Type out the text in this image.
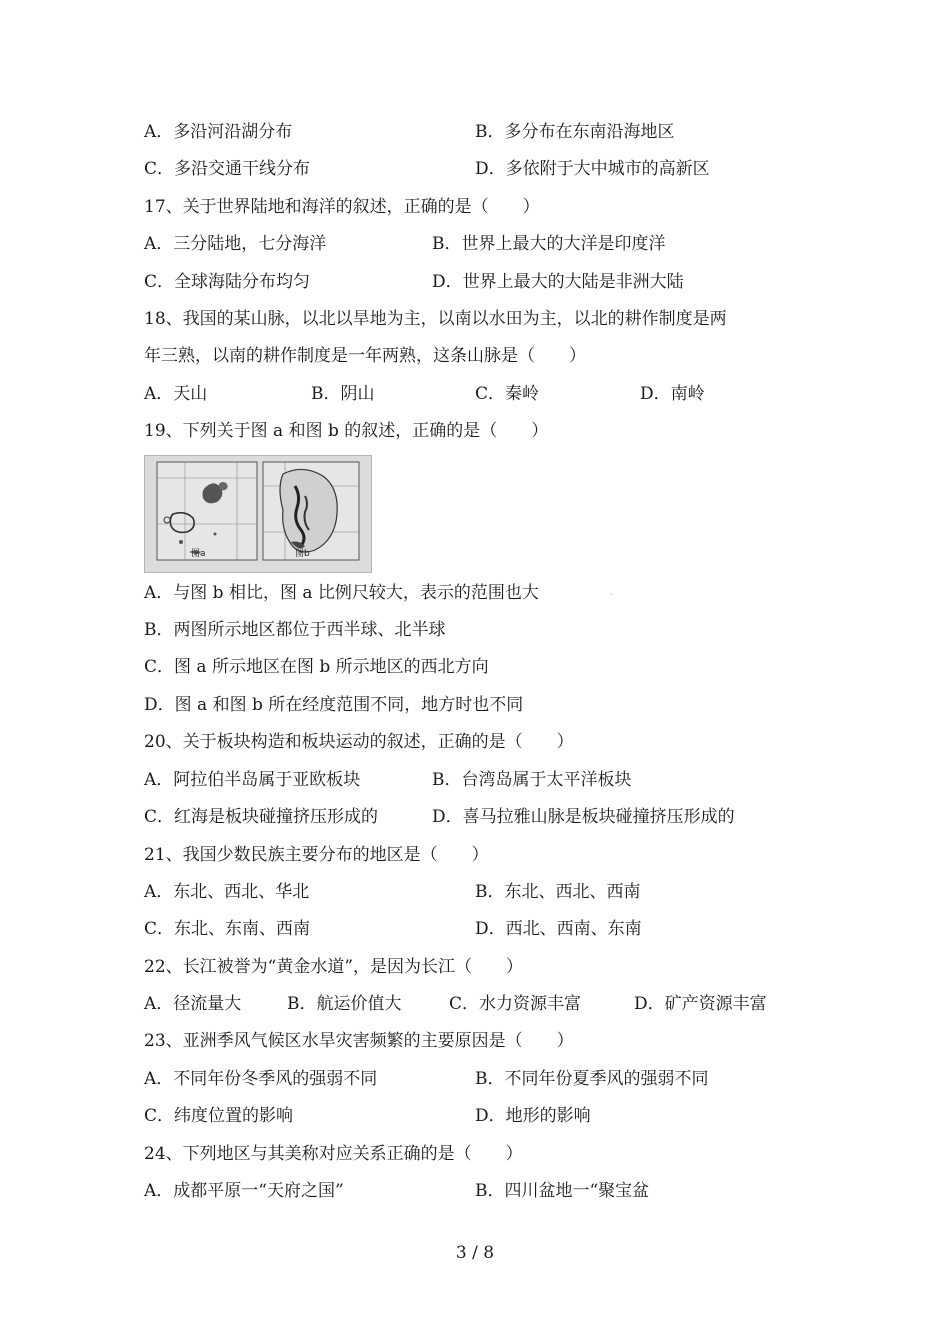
A．多沿河沿湖分布	B．多分布在东南沿海地区
C．多沿交通干线分布	D．多依附于大中城市的高新区
17、关于世界陆地和海洋的叙述，正确的是（　　）
A．三分陆地，七分海洋	B．世界上最大的大洋是印度洋
C．全球海陆分布均匀	D．世界上最大的大陆是非洲大陆
18、我国的某山脉，以北以旱地为主，以南以水田为主，以北的耕作制度是两
年三熟，以南的耕作制度是一年两熟，这条山脉是（　　）
A．天山	B．阴山	C．秦岭	D．南岭
19、下列关于图 a 和图 b 的叙述，正确的是（　　）
图a	图b
A．与图 b 相比，图 a 比例尺较大，表示的范围也大	·
B．两图所示地区都位于西半球、北半球
C．图 a 所示地区在图 b 所示地区的西北方向
D．图 a 和图 b 所在经度范围不同，地方时也不同
20、关于板块构造和板块运动的叙述，正确的是（　　）
A．阿拉伯半岛属于亚欧板块	B．台湾岛属于太平洋板块
C．红海是板块碰撞挤压形成的	D．喜马拉雅山脉是板块碰撞挤压形成的
21、我国少数民族主要分布的地区是（　　）
A．东北、西北、华北	B．东北、西北、西南
C．东北、东南、西南	D．西北、西南、东南
22、长江被誉为“黄金水道”，是因为长江（　　）
A．径流量大	B．航运价值大	C．水力资源丰富	D．矿产资源丰富
23、亚洲季风气候区水旱灾害频繁的主要原因是（　　）
A．不同年份冬季风的强弱不同	B．不同年份夏季风的强弱不同
C．纬度位置的影响	D．地形的影响
24、下列地区与其美称对应关系正确的是（　　）
A．成都平原一“天府之国”	B．四川盆地一“聚宝盆
3 / 8
